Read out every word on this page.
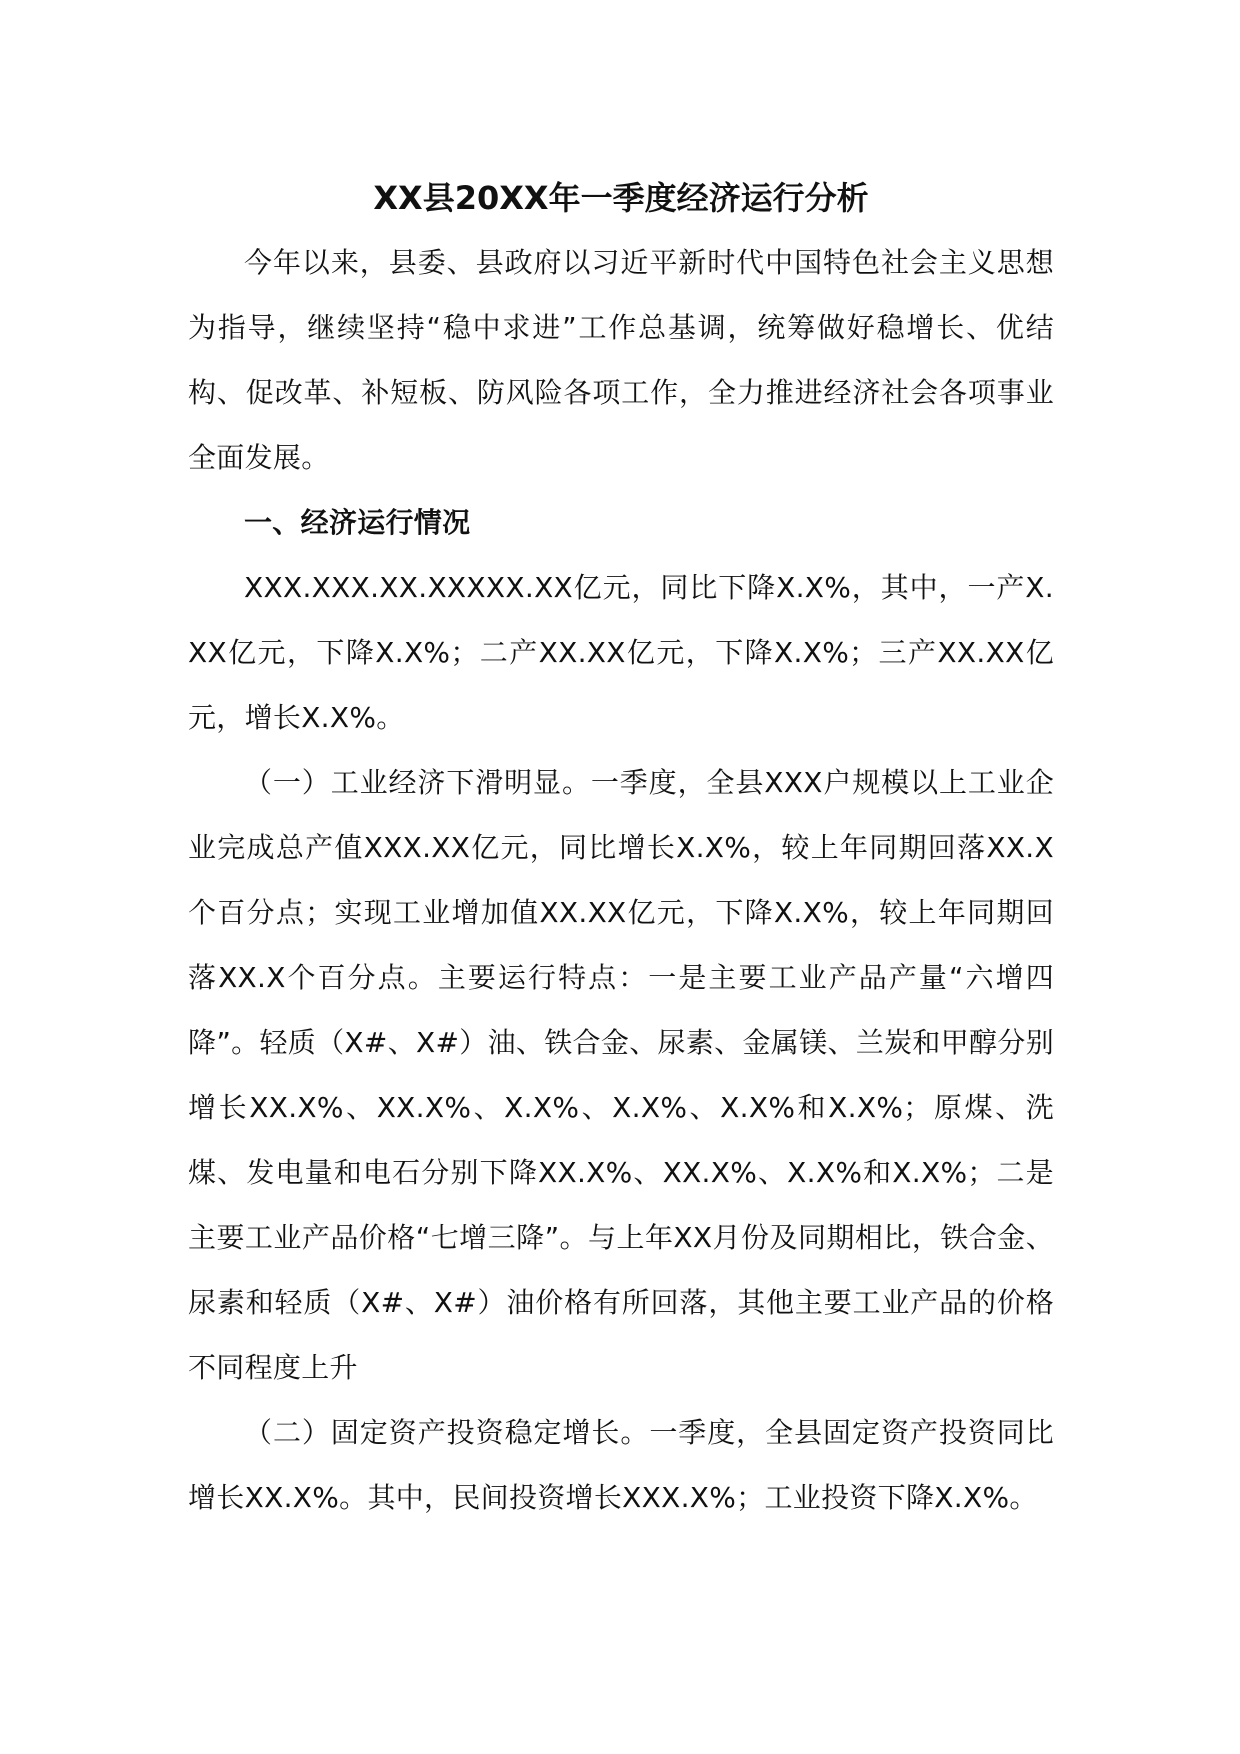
XX县20XX年一季度经济运行分析

今年以来，县委、县政府以习近平新时代中国特色社会主义思想为指导，继续坚持“稳中求进”工作总基调，统筹做好稳增长、优结构、促改革、补短板、防风险各项工作，全力推进经济社会各项事业全面发展。

一、经济运行情况

XXX.XXX.XX.XXXXX.XX亿元，同比下降X.X%，其中，一产X.XX亿元，下降X.X%；二产XX.XX亿元，下降X.X%；三产XX.XX亿元，增长X.X%。

（一）工业经济下滑明显。一季度，全县XXX户规模以上工业企业完成总产值XXX.XX亿元，同比增长X.X%，较上年同期回落XX.X个百分点；实现工业增加值XX.XX亿元，下降X.X%，较上年同期回落XX.X个百分点。主要运行特点：一是主要工业产品产量“六增四降”。轻质（X#、X#）油、铁合金、尿素、金属镁、兰炭和甲醇分别增长XX.X%、XX.X%、X.X%、X.X%、X.X%和X.X%；原煤、洗煤、发电量和电石分别下降XX.X%、XX.X%、X.X%和X.X%；二是主要工业产品价格“七增三降”。与上年XX月份及同期相比，铁合金、尿素和轻质（X#、X#）油价格有所回落，其他主要工业产品的价格不同程度上升

（二）固定资产投资稳定增长。一季度，全县固定资产投资同比增长XX.X%。其中，民间投资增长XXX.X%；工业投资下降X.X%。
